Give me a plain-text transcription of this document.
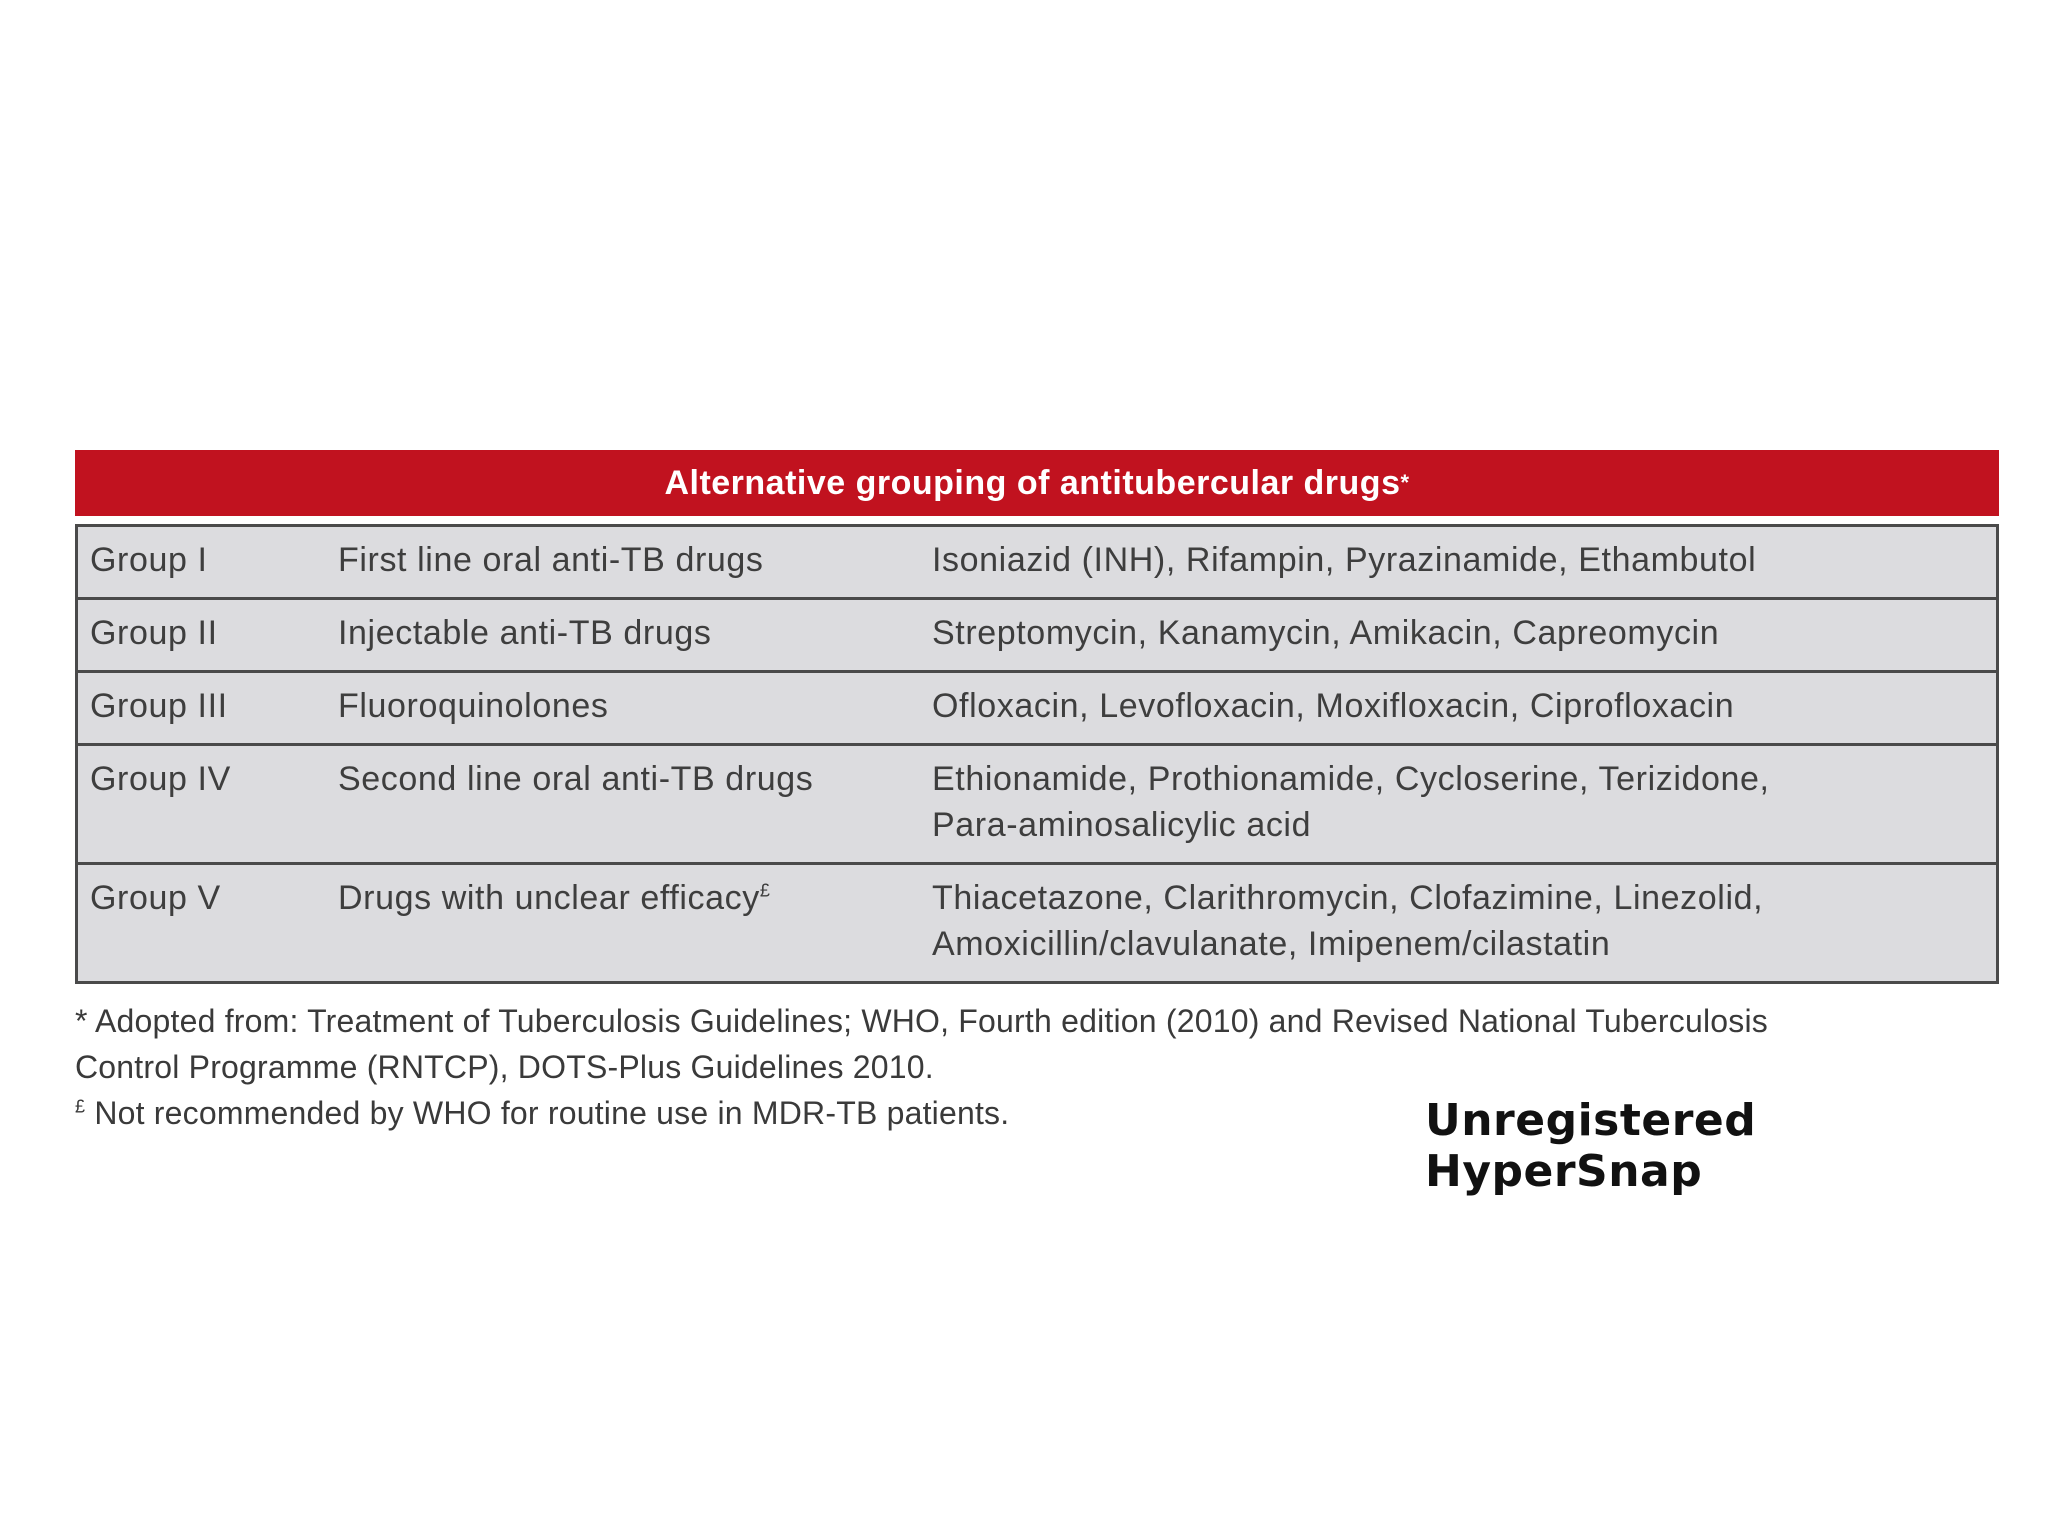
Alternative grouping of antitubercular drugs *
Group I	First line oral anti-TB drugs	Isoniazid (INH), Rifampin, Pyrazinamide, Ethambutol
Group II	Injectable anti-TB drugs	Streptomycin, Kanamycin, Amikacin, Capreomycin
Group III	Fluoroquinolones	Ofloxacin, Levofloxacin, Moxifloxacin, Ciprofloxacin
Group IV	Second line oral anti-TB drugs	Ethionamide, Prothionamide, Cycloserine, Terizidone,
Para-aminosalicylic acid
Group V	Drugs with unclear efficacy£	Thiacetazone, Clarithromycin, Clofazimine, Linezolid,
Amoxicillin/clavulanate, Imipenem/cilastatin

* Adopted from: Treatment of Tuberculosis Guidelines; WHO, Fourth edition (2010) and Revised National Tuberculosis

Control Programme (RNTCP), DOTS-Plus Guidelines 2010.

£ Not recommended by WHO for routine use in MDR-TB patients.	Unregistered HyperSnap
